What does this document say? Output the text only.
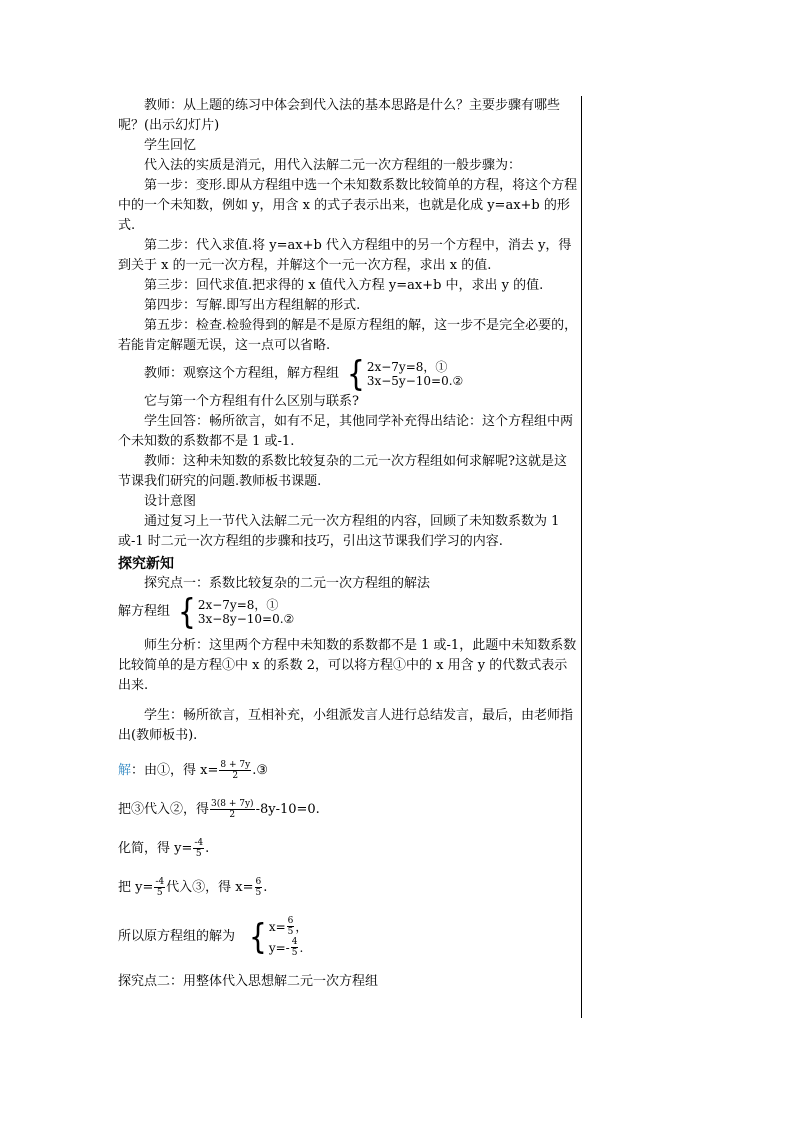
教师：从上题的练习中体会到代入法的基本思路是什么？主要步骤有哪些呢？(出示幻灯片)

学生回忆

代入法的实质是消元，用代入法解二元一次方程组的一般步骤为：

第一步：变形.即从方程组中选一个未知数系数比较简单的方程，将这个方程中的一个未知数，例如 y，用含 x 的式子表示出来，也就是化成 y=ax+b 的形式.

第二步：代入求值.将 y=ax+b 代入方程组中的另一个方程中，消去 y，得到关于 x 的一元一次方程，并解这个一元一次方程，求出 x 的值.

第三步：回代求值.把求得的 x 值代入方程 y=ax+b 中，求出 y 的值.

第四步：写解.即写出方程组解的形式.

第五步：检查.检验得到的解是不是原方程组的解，这一步不是完全必要的，若能肯定解题无误，这一点可以省略.

教师：观察这个方程组，解方程组 { 2x−7y=8，①
3x−5y−10=0.②

它与第一个方程组有什么区别与联系?

学生回答：畅所欲言，如有不足，其他同学补充得出结论：这个方程组中两个未知数的系数都不是 1 或-1.

教师：这种未知数的系数比较复杂的二元一次方程组如何求解呢?这就是这节课我们研究的问题.教师板书课题.

设计意图

通过复习上一节代入法解二元一次方程组的内容，回顾了未知数系数为 1 或-1 时二元一次方程组的步骤和技巧，引出这节课我们学习的内容.

探究新知

探究点一：系数比较复杂的二元一次方程组的解法

解方程组 { 2x−7y=8，①
3x−8y−10=0.②

师生分析：这里两个方程中未知数的系数都不是 1 或-1，此题中未知数系数比较简单的是方程①中 x 的系数 2，可以将方程①中的 x 用含 y 的代数式表示出来.

学生：畅所欲言，互相补充，小组派发言人进行总结发言，最后，由老师指出(教师板书).

解 ：由①，得 $x= \frac{8 + 7y}{2}$ .③
把③代入②，得 $\frac{3(8 + 7y)}{2} -8y-10=0$.
化简，得 $y= \frac{-4}{5}$ .
把 $y= \frac{-4}{5}$ 代入③，得 $x= \frac{6}{5}$ .
所以原方程组的解为 { $x= \frac{6}{5}$ ，
$y=- \frac{4}{5}$ .

探究点二：用整体代入思想解二元一次方程组
